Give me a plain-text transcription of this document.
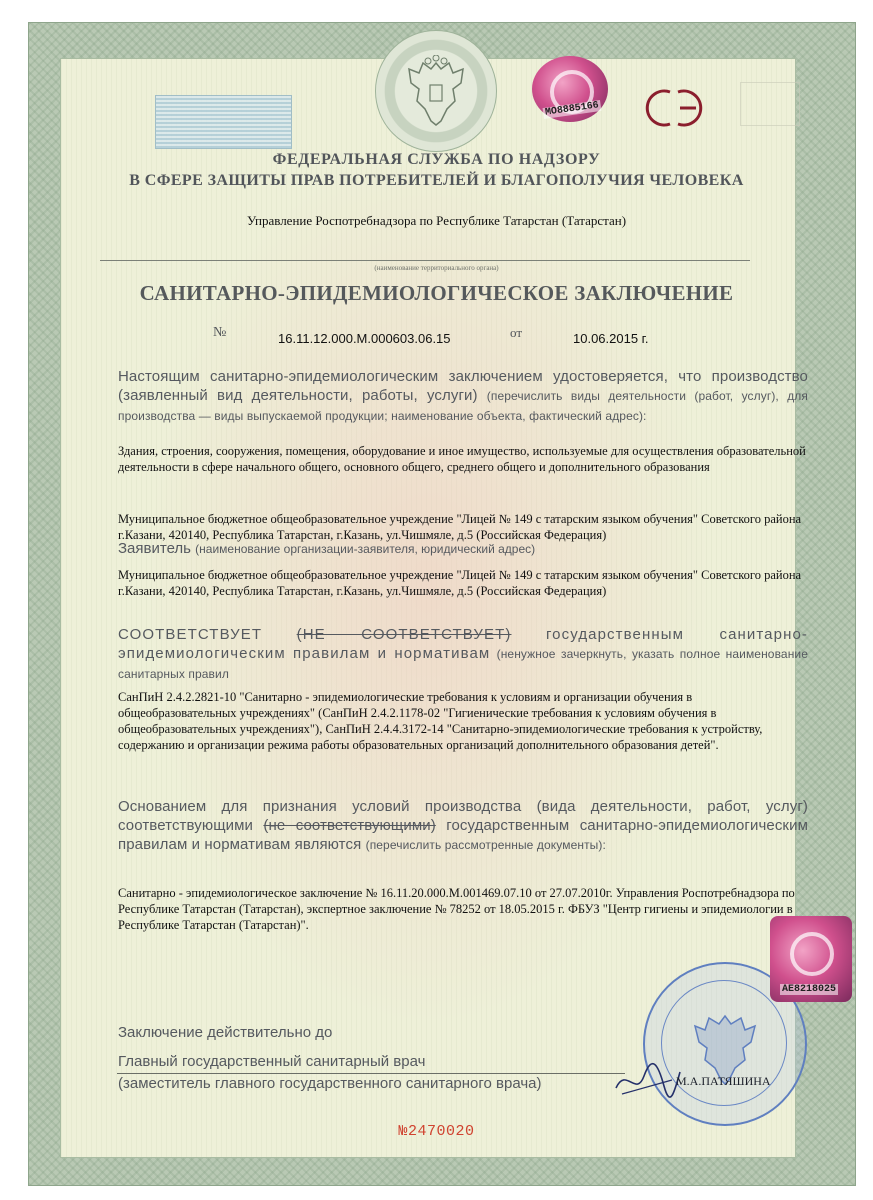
МО8885166
ФЕДЕРАЛЬНАЯ СЛУЖБА ПО НАДЗОРУ
В СФЕРЕ ЗАЩИТЫ ПРАВ ПОТРЕБИТЕЛЕЙ И БЛАГОПОЛУЧИЯ ЧЕЛОВЕКА
Управление Роспотребнадзора по Республике Татарстан (Татарстан)
(наименование территориального органа)
САНИТАРНО-ЭПИДЕМИОЛОГИЧЕСКОЕ ЗАКЛЮЧЕНИЕ
№	16.11.12.000.М.000603.06.15	от	10.06.2015 г.
Настоящим санитарно-эпидемиологическим заключением удостоверяется, что производство (заявленный вид деятельности, работы, услуги) (перечислить виды деятельности (работ, услуг), для производства — виды выпускаемой продукции; наименование объекта, фактический адрес):
Здания, строения, сооружения, помещения, оборудование и иное имущество, используемые для осуществления образовательной деятельности в сфере начального общего, основного общего, среднего общего и дополнительного образования
Муниципальное бюджетное общеобразовательное учреждение "Лицей № 149 с татарским языком обучения" Советского района г.Казани, 420140, Республика Татарстан, г.Казань, ул.Чишмяле, д.5 (Российская Федерация)
Заявитель (наименование организации-заявителя, юридический адрес)
Муниципальное бюджетное общеобразовательное учреждение "Лицей № 149 с татарским языком обучения" Советского района г.Казани, 420140, Республика Татарстан, г.Казань, ул.Чишмяле, д.5 (Российская Федерация)
СООТВЕТСТВУЕТ (НЕ СООТВЕТСТВУЕТ) государственным санитарно-эпидемиологическим правилам и нормативам (ненужное зачеркнуть, указать полное наименование санитарных правил
СанПиН 2.4.2.2821-10 "Санитарно - эпидемиологические требования к условиям и организации обучения в общеобразовательных учреждениях" (СанПиН 2.4.2.1178-02 "Гигиенические требования к условиям обучения в общеобразовательных учреждениях"), СанПиН 2.4.4.3172-14 "Санитарно-эпидемиологические требования к устройству, содержанию и организации режима работы образовательных организаций дополнительного образования детей".
Основанием для признания условий производства (вида деятельности, работ, услуг) соответствующими (не соответствующими) государственным санитарно-эпидемиологическим правилам и нормативам являются (перечислить рассмотренные документы):
Санитарно - эпидемиологическое заключение № 16.11.20.000.М.001469.07.10 от 27.07.2010г. Управления Роспотребнадзора по Республике Татарстан (Татарстан), экспертное заключение № 78252 от 18.05.2015 г. ФБУЗ "Центр гигиены и эпидемиологии в Республике Татарстан (Татарстан)".
Заключение действительно до
Главный государственный санитарный врач
(заместитель главного государственного санитарного врача)
АЕ8218025
М.А.ПАТЯШИНА
№2470020
